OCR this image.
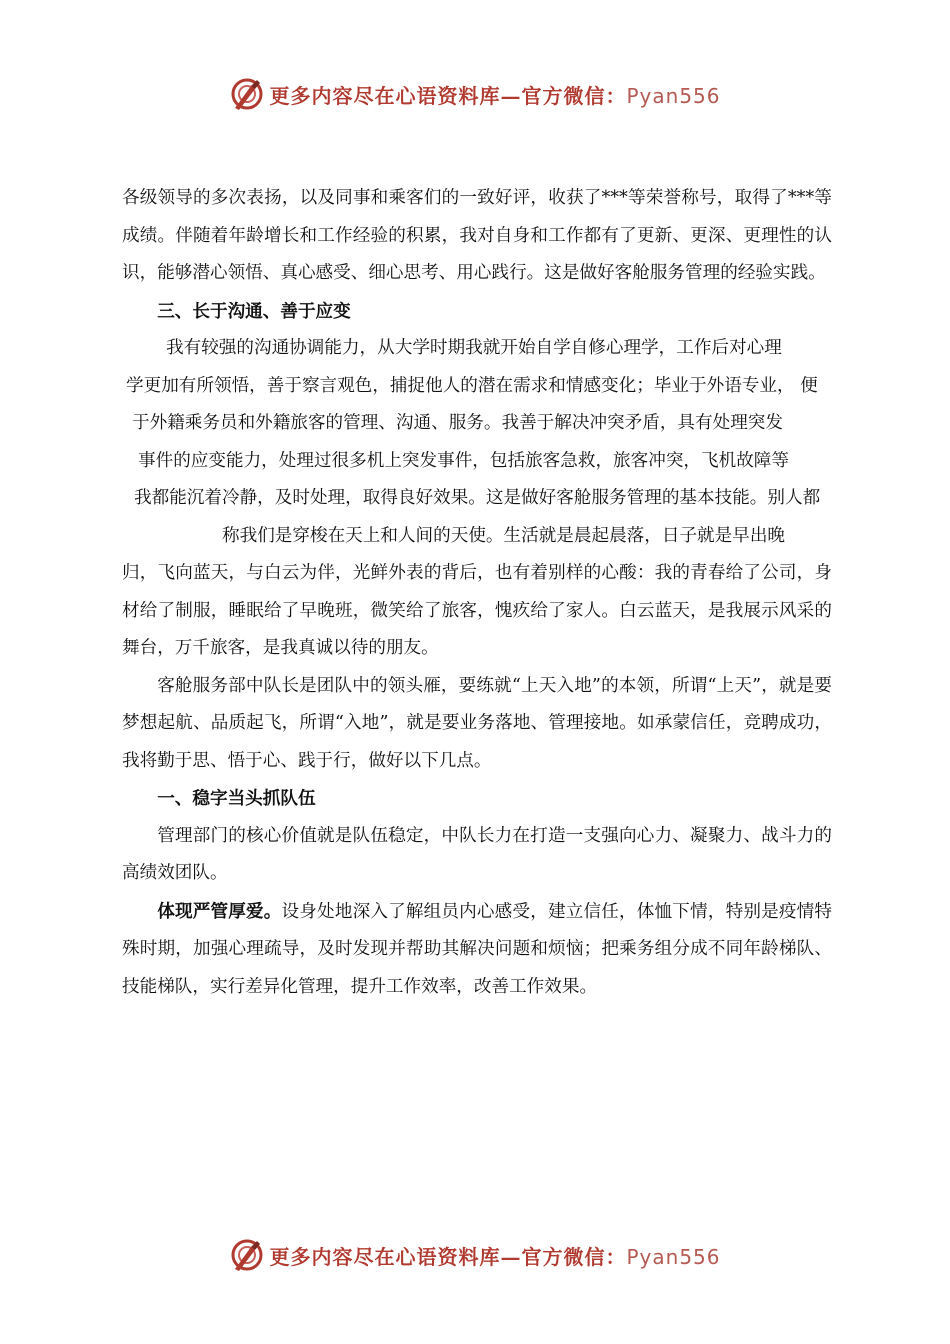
更多内容尽在心语资料库—官方微信：Pyan556

各级领导的多次表扬，以及同事和乘客们的一致好评，收获了***等荣誉称号，取得了***等成绩。伴随着年龄增长和工作经验的积累，我对自身和工作都有了更新、更深、更理性的认识，能够潜心领悟、真心感受、细心思考、用心践行。这是做好客舱服务管理的经验实践。

三、长于沟通、善于应变

我有较强的沟通协调能力，从大学时期我就开始自学自修心理学，工作后对心理
学更加有所领悟，善于察言观色，捕捉他人的潜在需求和情感变化；毕业于外语专业， 便
于外籍乘务员和外籍旅客的管理、沟通、服务。我善于解决冲突矛盾，具有处理突发
事件的应变能力，处理过很多机上突发事件，包括旅客急救，旅客冲突，飞机故障等
我都能沉着冷静，及时处理，取得良好效果。这是做好客舱服务管理的基本技能。别人都
称我们是穿梭在天上和人间的天使。生活就是晨起晨落，日子就是早出晚

归，飞向蓝天，与白云为伴，光鲜外表的背后，也有着别样的心酸：我的青春给了公司，身材给了制服，睡眠给了早晚班，微笑给了旅客，愧疚给了家人。白云蓝天，是我展示风采的舞台，万千旅客，是我真诚以待的朋友。

客舱服务部中队长是团队中的领头雁，要练就“上天入地”的本领，所谓“上天”，就是要梦想起航、品质起飞，所谓“入地”，就是要业务落地、管理接地。如承蒙信任，竞聘成功，我将勤于思、悟于心、践于行，做好以下几点。

一、稳字当头抓队伍

管理部门的核心价值就是队伍稳定，中队长力在打造一支强向心力、凝聚力、战斗力的高绩效团队。

体现严管厚爱。设身处地深入了解组员内心感受，建立信任，体恤下情，特别是疫情特殊时期，加强心理疏导，及时发现并帮助其解决问题和烦恼；把乘务组分成不同年龄梯队、技能梯队，实行差异化管理，提升工作效率，改善工作效果。

更多内容尽在心语资料库—官方微信：Pyan556
